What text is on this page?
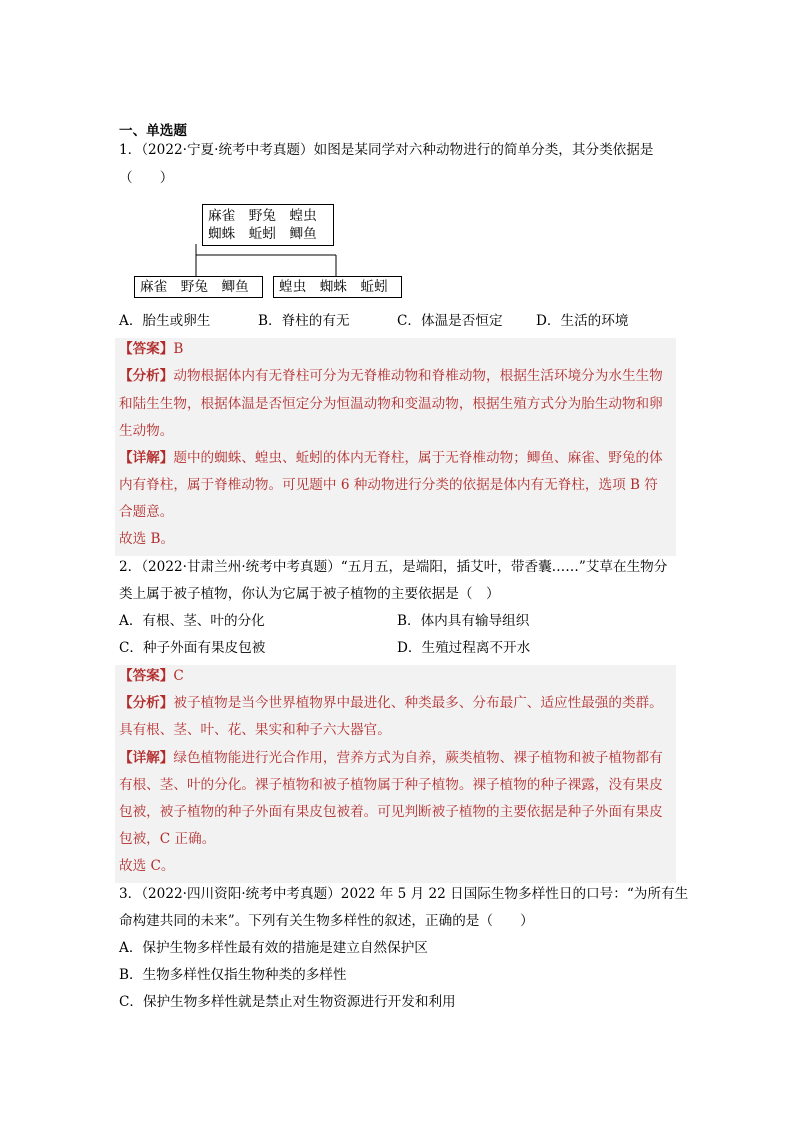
一、单选题
1．（2022·宁夏·统考中考真题）如图是某同学对六种动物进行的简单分类，其分类依据是
（　　）
麻雀　野兔　蝗虫
蜘蛛　蚯蚓　鲫鱼
麻雀　野兔　鲫鱼 蝗虫　蜘蛛　蚯蚓
A．胎生或卵生	B．脊柱的有无	C．体温是否恒定 D．生活的环境
【答案】B
【分析】动物根据体内有无脊柱可分为无脊椎动物和脊椎动物，根据生活环境分为水生生物
和陆生生物，根据体温是否恒定分为恒温动物和变温动物，根据生殖方式分为胎生动物和卵
生动物。
【详解】题中的蜘蛛、蝗虫、蚯蚓的体内无脊柱，属于无脊椎动物；鲫鱼、麻雀、野兔的体
内有脊柱，属于脊椎动物。可见题中 6 种动物进行分类的依据是体内有无脊柱，选项 B 符
合题意。
故选 B。
2．（2022·甘肃兰州·统考中考真题）“五月五，是端阳，插艾叶，带香囊……”艾草在生物分
类上属于被子植物，你认为它属于被子植物的主要依据是（　）
A．有根、茎、叶的分化	B．体内具有输导组织
C．种子外面有果皮包被	D．生殖过程离不开水
【答案】C
【分析】被子植物是当今世界植物界中最进化、种类最多、分布最广、适应性最强的类群。
具有根、茎、叶、花、果实和种子六大器官。
【详解】绿色植物能进行光合作用，营养方式为自养，蕨类植物、裸子植物和被子植物都有
有根、茎、叶的分化。裸子植物和被子植物属于种子植物。裸子植物的种子裸露，没有果皮
包被，被子植物的种子外面有果皮包被着。可见判断被子植物的主要依据是种子外面有果皮
包被，C 正确。
故选 C。
3．（2022·四川资阳·统考中考真题）2022 年 5 月 22 日国际生物多样性日的口号：“为所有生
命构建共同的未来”。下列有关生物多样性的叙述，正确的是（　　）
A．保护生物多样性最有效的措施是建立自然保护区
B．生物多样性仅指生物种类的多样性
C．保护生物多样性就是禁止对生物资源进行开发和利用
